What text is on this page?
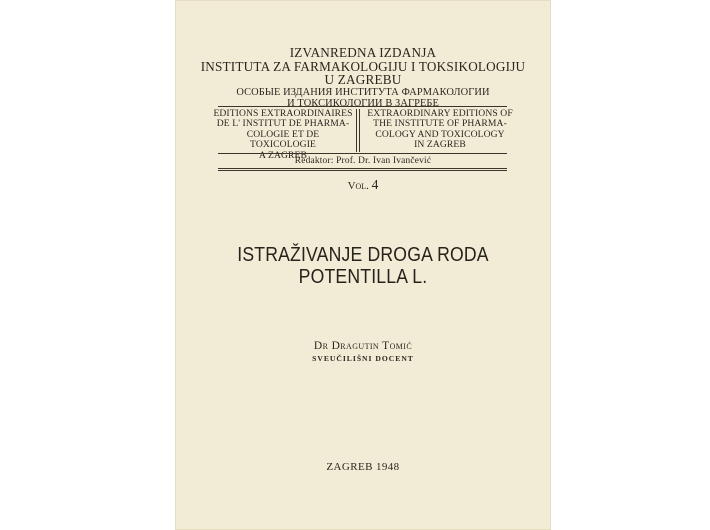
IZVANREDNA IZDANJA
INSTITUTA ZA FARMAKOLOGIJU I TOKSIKOLOGIJU
U ZAGREBU
ОСОБЫЕ ИЗДАНИЯ ИНСТИТУТА ФАРМАКОЛОГИИ
И ТОКСИКОЛОГИИ В ЗАГРЕБЕ
EDITIONS EXTRAORDINAIRES
DE L' INSTITUT DE PHARMA-
COLOGIE ET DE TOXICOLOGIE
A ZAGREB
EXTRAORDINARY EDITIONS OF
THE INSTITUTE OF PHARMA-
COLOGY AND TOXICOLOGY
IN ZAGREB
Redaktor: Prof. Dr. Ivan Ivančević
Vol. 4
ISTRAŽIVANJE DROGA RODA
POTENTILLA L.
Dr Dragutin Tomić
SVEUČILIŠNI DOCENT
ZAGREB 1948
